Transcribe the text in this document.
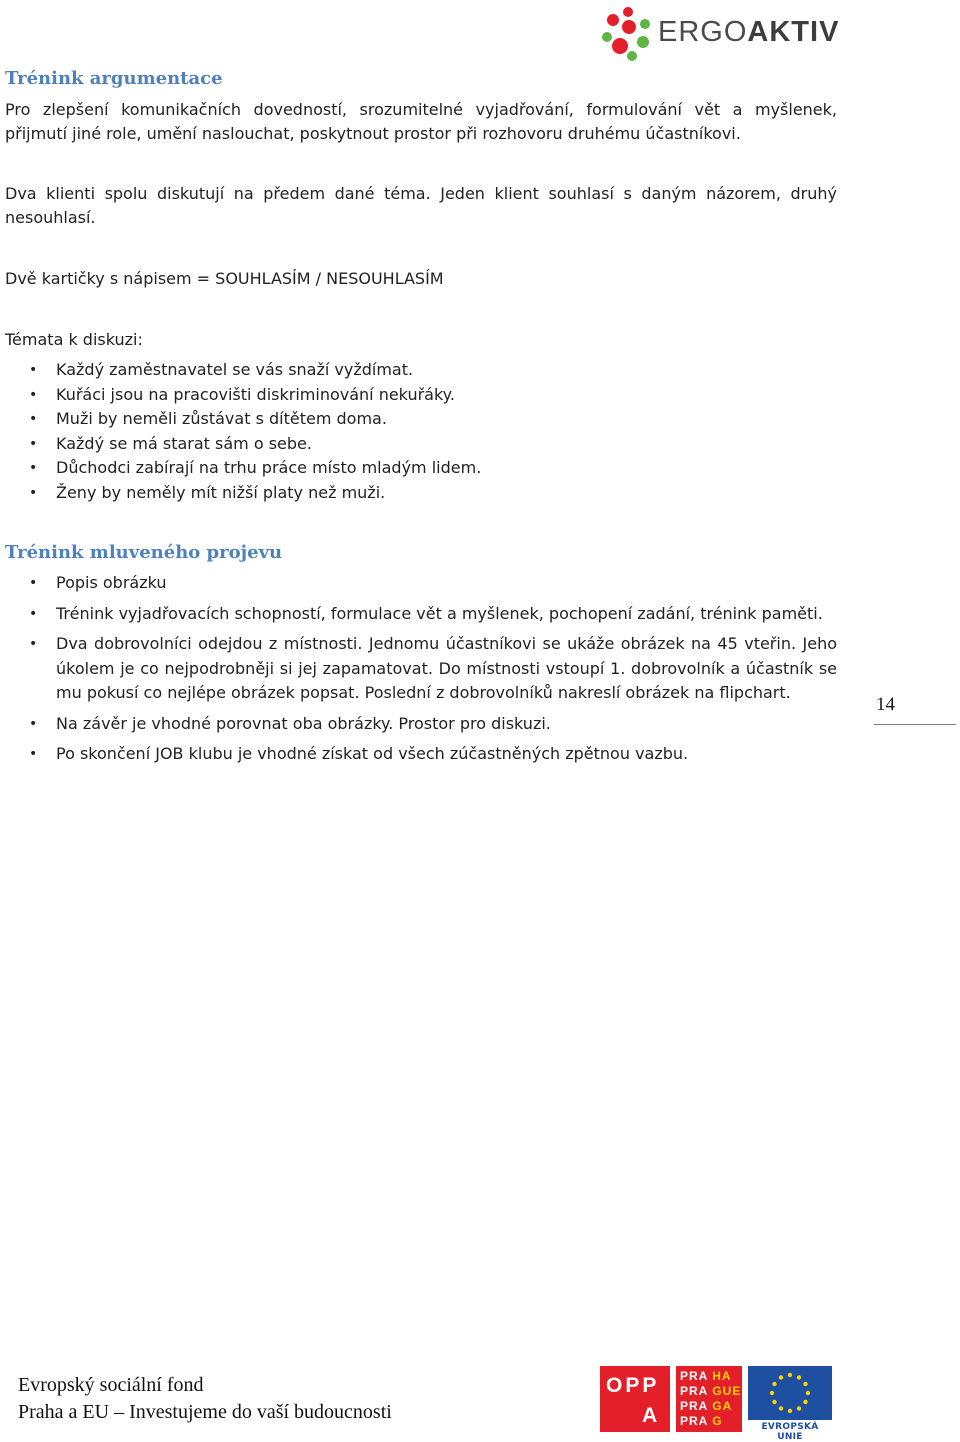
ERGOAKTIV
Trénink argumentace
Pro zlepšení komunikačních dovedností, srozumitelné vyjadřování, formulování vět a myšlenek,
přijmutí jiné role, umění naslouchat, poskytnout prostor při rozhovoru druhému účastníkovi.
Dva klienti spolu diskutují na předem dané téma. Jeden klient souhlasí s daným názorem, druhý
nesouhlasí.
Dvě kartičky s nápisem = SOUHLASÍM / NESOUHLASÍM
Témata k diskuzi:
• Každý zaměstnavatel se vás snaží vyždímat.
• Kuřáci jsou na pracovišti diskriminování nekuřáky.
• Muži by neměli zůstávat s dítětem doma.
• Každý se má starat sám o sebe.
• Důchodci zabírají na trhu práce místo mladým lidem.
• Ženy by neměly mít nižší platy než muži.
Trénink mluveného projevu
• Popis obrázku
• Trénink vyjadřovacích schopností, formulace vět a myšlenek, pochopení zadání, trénink paměti.
• Dva dobrovolníci odejdou z místnosti. Jednomu účastníkovi se ukáže obrázek na 45 vteřin. Jeho úkolem je co nejpodrobněji si jej zapamatovat. Do místnosti vstoupí 1. dobrovolník a účastník se mu pokusí co nejlépe obrázek popsat. Poslední z dobrovolníků nakreslí obrázek na flipchart.
• Na závěr je vhodné porovnat oba obrázky. Prostor pro diskuzi.
• Po skončení JOB klubu je vhodné získat od všech zúčastněných zpětnou vazbu.
14
Evropský sociální fond
Praha a EU – Investujeme do vaší budoucnosti
OPP
A
PRA HA
PRA GUE
PRA GA
PRA G	EVROPSKÁ UNIE
